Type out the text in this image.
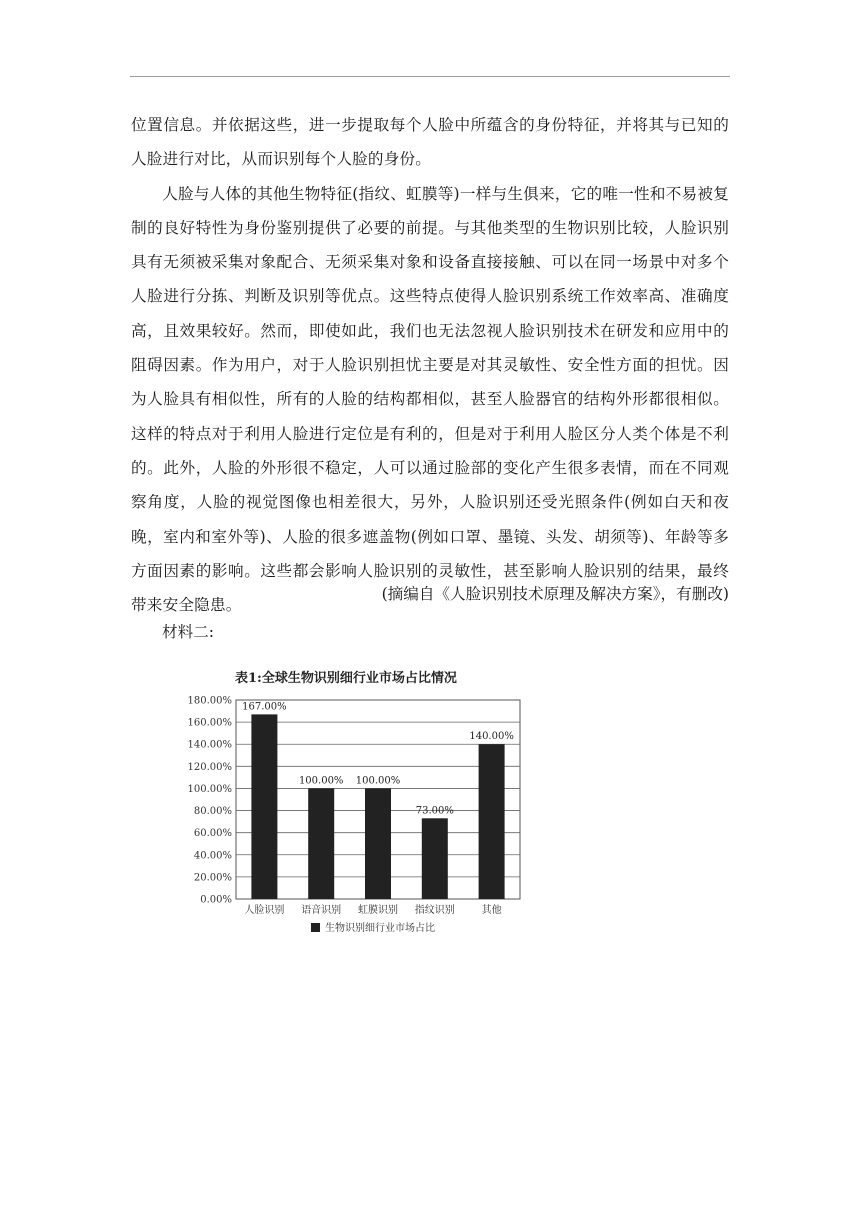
位置信息。并依据这些，进一步提取每个人脸中所蕴含的身份特征，并将其与已知的人脸进行对比，从而识别每个人脸的身份。

人脸与人体的其他生物特征(指纹、虹膜等)一样与生俱来，它的唯一性和不易被复制的良好特性为身份鉴别提供了必要的前提。与其他类型的生物识别比较，人脸识别具有无须被采集对象配合、无须采集对象和设备直接接触、可以在同一场景中对多个人脸进行分拣、判断及识别等优点。这些特点使得人脸识别系统工作效率高、准确度高，且效果较好。然而，即使如此，我们也无法忽视人脸识别技术在研发和应用中的阻碍因素。作为用户，对于人脸识别担忧主要是对其灵敏性、安全性方面的担忧。因为人脸具有相似性，所有的人脸的结构都相似，甚至人脸器官的结构外形都很相似。这样的特点对于利用人脸进行定位是有利的，但是对于利用人脸区分人类个体是不利的。此外，人脸的外形很不稳定，人可以通过脸部的变化产生很多表情，而在不同观察角度，人脸的视觉图像也相差很大，另外，人脸识别还受光照条件(例如白天和夜晚，室内和室外等)、人脸的很多遮盖物(例如口罩、墨镜、头发、胡须等)、年龄等多方面因素的影响。这些都会影响人脸识别的灵敏性，甚至影响人脸识别的结果，最终带来安全隐患。

(摘编自《人脸识别技术原理及解决方案》，有删改)
材料二:
表1:全球生物识别细行业市场占比情况
0.00%
20.00%
40.00%
60.00%
80.00%
100.00%
120.00%
140.00%
160.00%
180.00%
167.00%
人脸识别
100.00%
语音识别
100.00%
虹膜识别
73.00%
指纹识别
140.00%
其他
生物识别细行业市场占比
